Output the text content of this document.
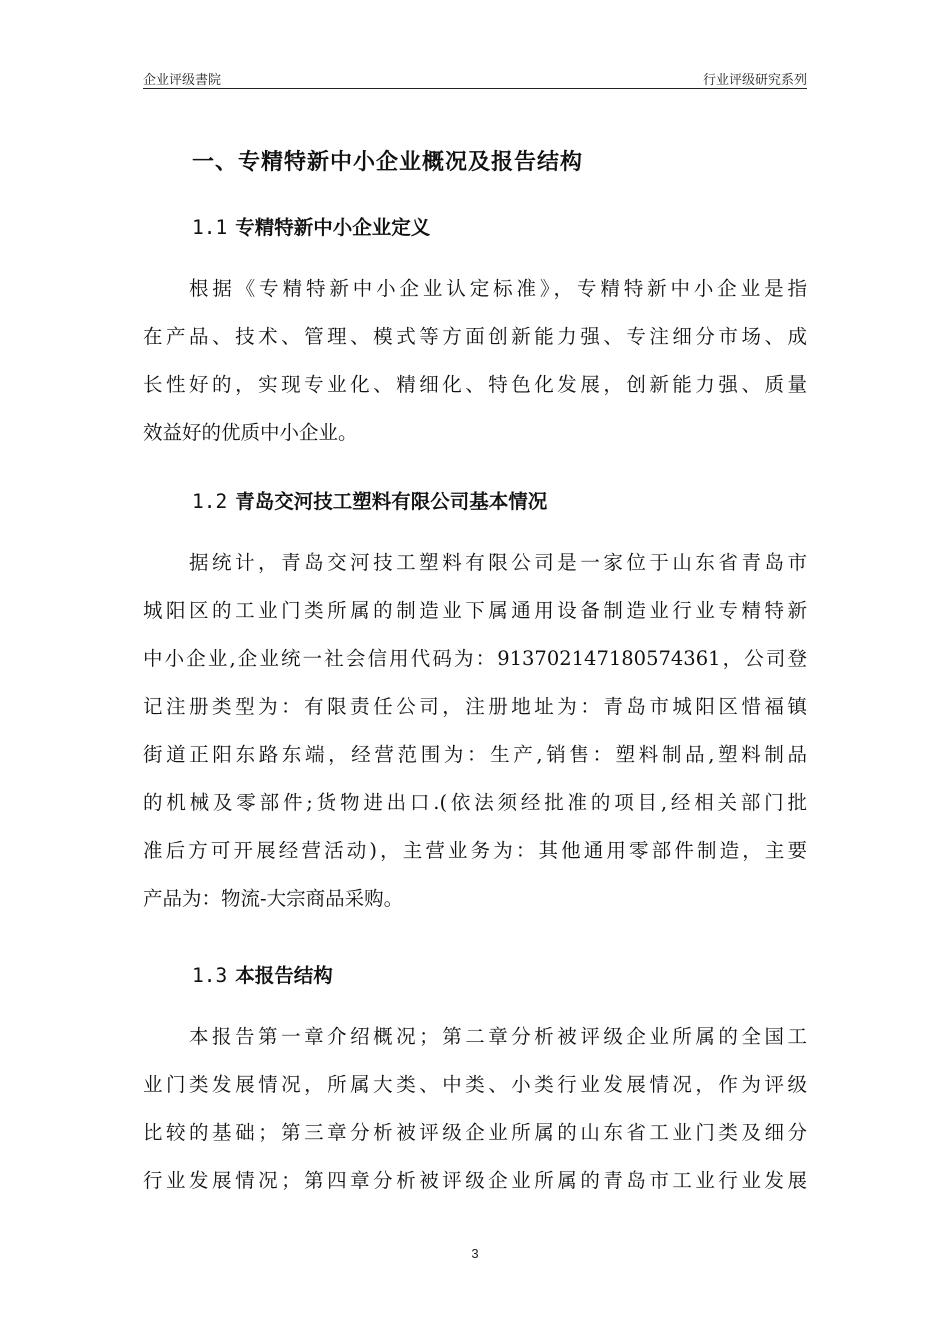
企业评级書院	行业评级研究系列
一、专精特新中小企业概况及报告结构
1.1 专精特新中小企业定义
根据《专精特新中小企业认定标准》，专精特新中小企业是指
在产品、技术、管理、模式等方面创新能力强、专注细分市场、成
长性好的，实现专业化、精细化、特色化发展，创新能力强、质量
效益好的优质中小企业。
1.2 青岛交河技工塑料有限公司基本情况
据统计，青岛交河技工塑料有限公司是一家位于山东省青岛市
城阳区的工业门类所属的制造业下属通用设备制造业行业专精特新
中小企业,企业统一社会信用代码为：913702147180574361，公司登
记注册类型为：有限责任公司，注册地址为：青岛市城阳区惜福镇
街道正阳东路东端，经营范围为：生产,销售：塑料制品,塑料制品
的机械及零部件;货物进出口.(依法须经批准的项目,经相关部门批
准后方可开展经营活动)，主营业务为：其他通用零部件制造，主要
产品为：物流-大宗商品采购。
1.3 本报告结构
本报告第一章介绍概况；第二章分析被评级企业所属的全国工
业门类发展情况，所属大类、中类、小类行业发展情况，作为评级
比较的基础；第三章分析被评级企业所属的山东省工业门类及细分
行业发展情况；第四章分析被评级企业所属的青岛市工业行业发展
3
